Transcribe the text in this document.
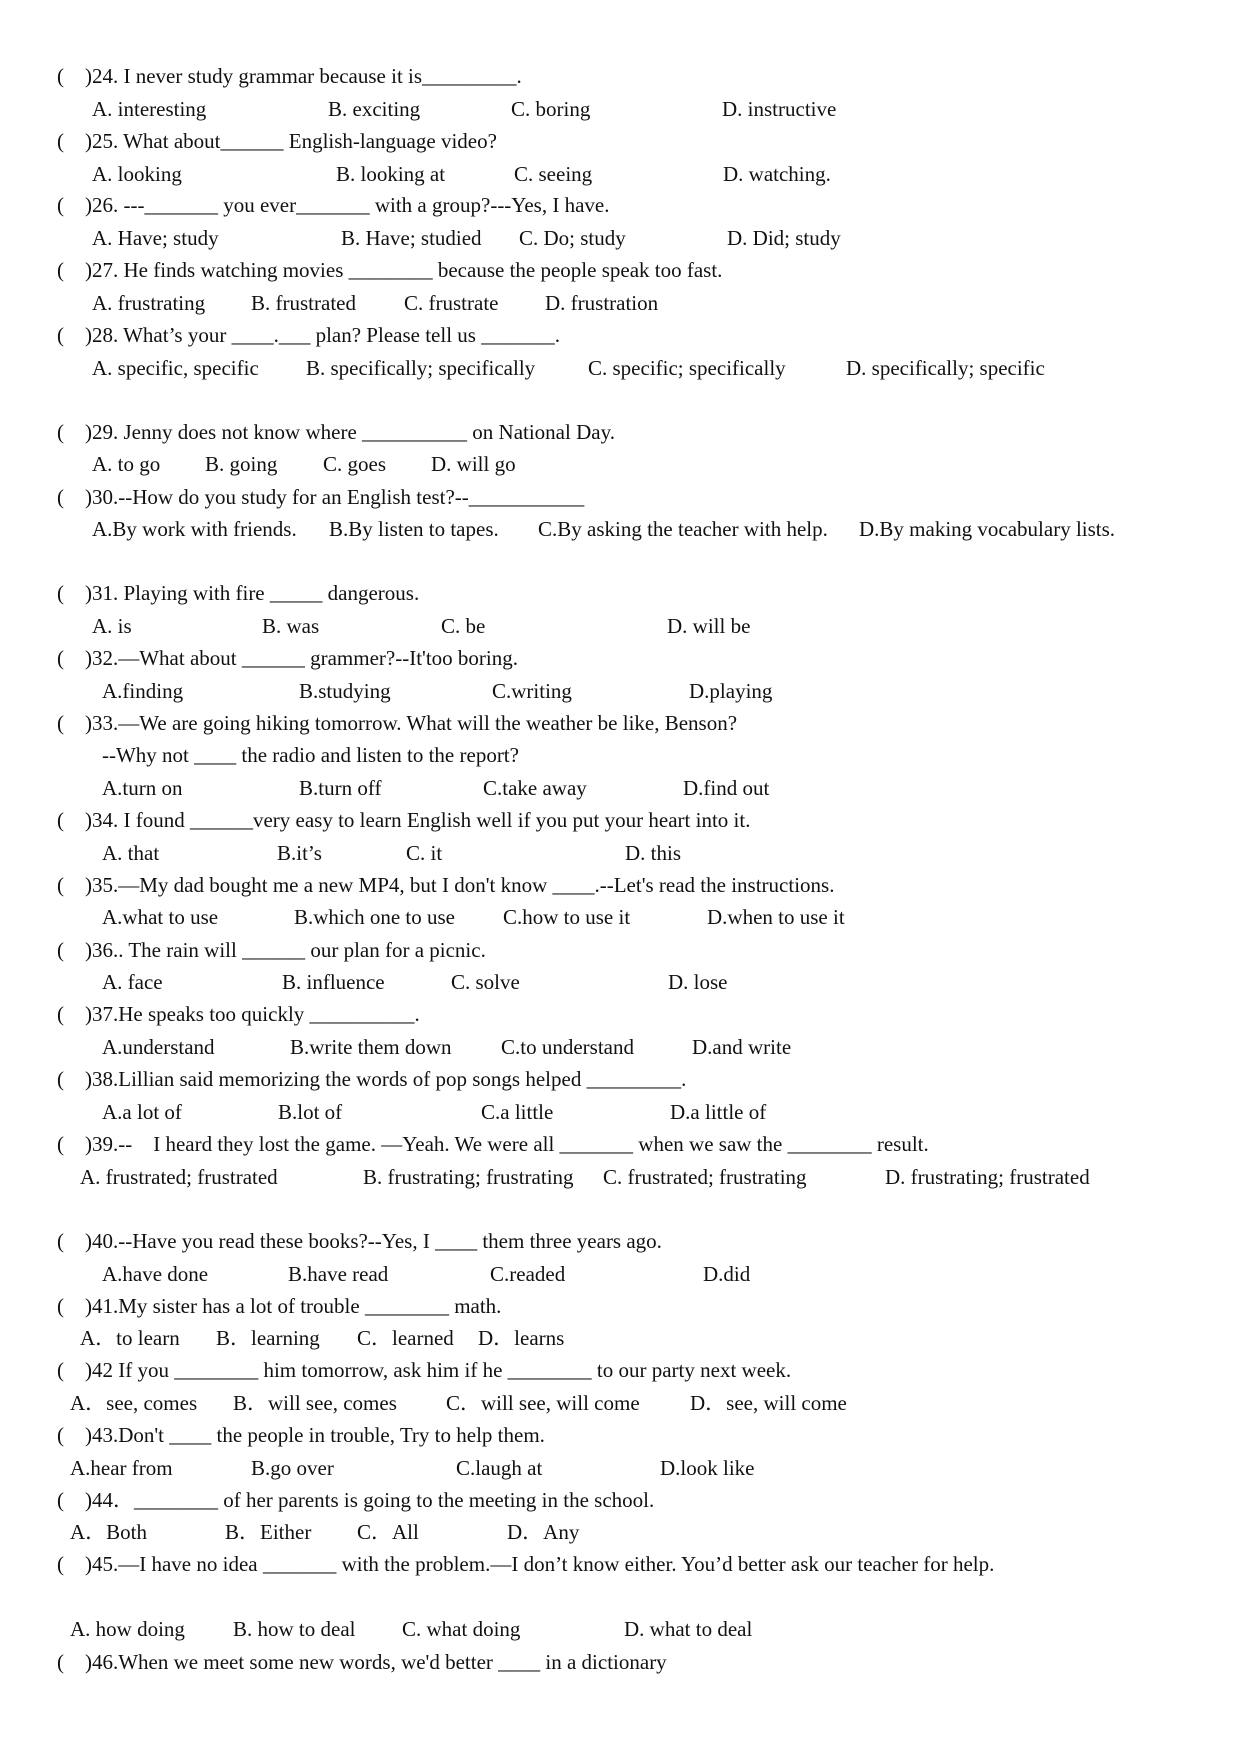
(    )24. I never study grammar because it is_________.
A. interesting	B. exciting	C. boring	D. instructive
(    )25. What about______ English-language video?
A. looking	B. looking at	C. seeing	D. watching.
(    )26. ---_______ you ever_______ with a group?---Yes, I have.
A. Have; study	B. Have; studied C. Do; study	D. Did; study
(    )27. He finds watching movies ________ because the people speak too fast.
A. frustrating B. frustrated C. frustrate D. frustration
(    )28. What’s your ____.___ plan? Please tell us _______.
A. specific, specific B. specifically; specifically	C. specific; specifically	D. specifically; specific
(    )29. Jenny does not know where __________ on National Day.
A. to go B. going C. goes D. will go
(    )30.--How do you study for an English test?--___________
A.By work with friends. B.By listen to tapes. C.By asking the teacher with help. D.By making vocabulary lists.
(    )31. Playing with fire _____ dangerous.
A. is	B. was	C. be	D. will be
(    )32.—What about ______ grammer?--It'too boring.
A.finding	B.studying	C.writing	D.playing
(    )33.—We are going hiking tomorrow. What will the weather be like, Benson?
--Why not ____ the radio and listen to the report?
A.turn on	B.turn off	C.take away	D.find out
(    )34. I found ______very easy to learn English well if you put your heart into it.
A. that	B.it’s	C. it	D. this
(    )35.—My dad bought me a new MP4, but I don't know ____.--Let's read the instructions.
A.what to use	B.which one to use C.how to use it	D.when to use it
(    )36.. The rain will ______ our plan for a picnic.
A. face	B. influence	C. solve	D. lose
(    )37.He speaks too quickly __________.
A.understand	B.write them down C.to understand	D.and write
(    )38.Lillian said memorizing the words of pop songs helped _________.
A.a lot of	B.lot of	C.a little	D.a little of
(    )39.--    I heard they lost the game. —Yeah. We were all _______ when we saw the ________ result.
A. frustrated; frustrated	B. frustrating; frustrating C. frustrated; frustrating	D. frustrating; frustrated
(    )40.--Have you read these books?--Yes, I ____ them three years ago.
A.have done	B.have read	C.readed	D.did
(    )41.My sister has a lot of trouble ________ math.
A．to learn B．learning C．learned D．learns
(    )42 If you ________ him tomorrow, ask him if he ________ to our party next week.
A．see, comes B．will see, comes C．will see, will come D．see, will come
(    )43.Don't ____ the people in trouble, Try to help them.
A.hear from	B.go over	C.laugh at	D.look like
(    )44．________ of her parents is going to the meeting in the school.
A．Both	B．Either C．All	D．Any
(    )45.—I have no idea _______ with the problem.—I don’t know either. You’d better ask our teacher for help.
A. how doing B. how to deal C. what doing	D. what to deal
(    )46.When we meet some new words, we'd better ____ in a dictionary
